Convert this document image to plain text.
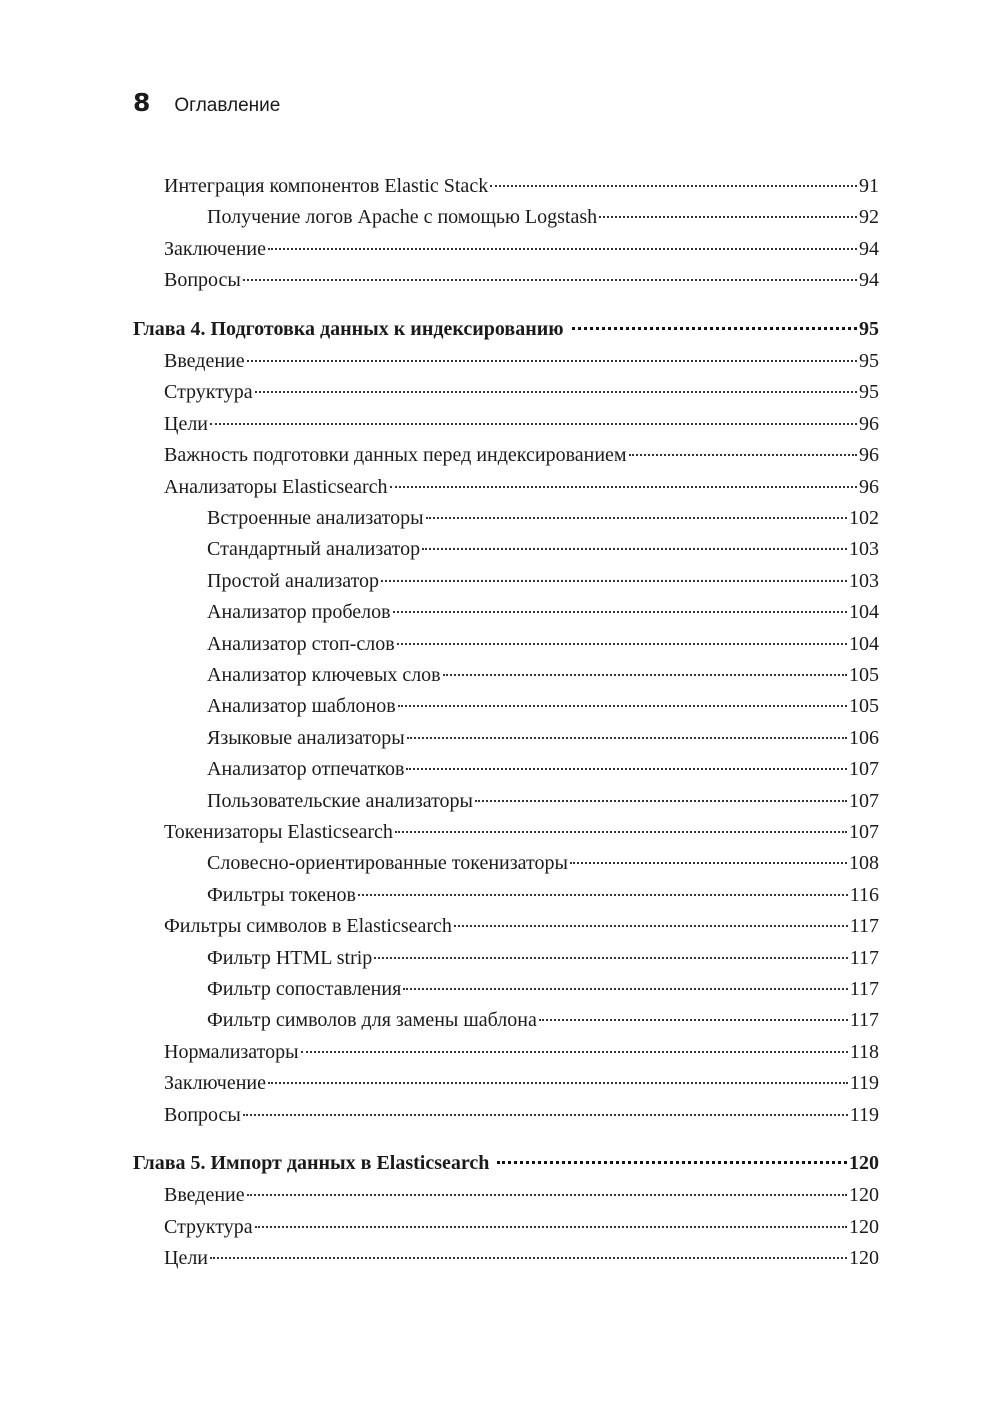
8 Оглавление
Интеграция компонентов Elastic Stack	91
Получение логов Apache с помощью Logstash	92
Заключение	94
Вопросы	94
Глава 4. Подготовка данных к индексированию	95
Введение	95
Структура	95
Цели	96
Важность подготовки данных перед индексированием	96
Анализаторы Elasticsearch	96
Встроенные анализаторы	102
Стандартный анализатор	103
Простой анализатор	103
Анализатор пробелов	104
Анализатор стоп-слов	104
Анализатор ключевых слов	105
Анализатор шаблонов	105
Языковые анализаторы	106
Анализатор отпечатков	107
Пользовательские анализаторы	107
Токенизаторы Elasticsearch	107
Словесно-ориентированные токенизаторы	108
Фильтры токенов	116
Фильтры символов в Elasticsearch	117
Фильтр HTML strip	117
Фильтр сопоставления	117
Фильтр символов для замены шаблона	117
Нормализаторы	118
Заключение	119
Вопросы	119
Глава 5. Импорт данных в Elasticsearch	120
Введение	120
Структура	120
Цели	120
